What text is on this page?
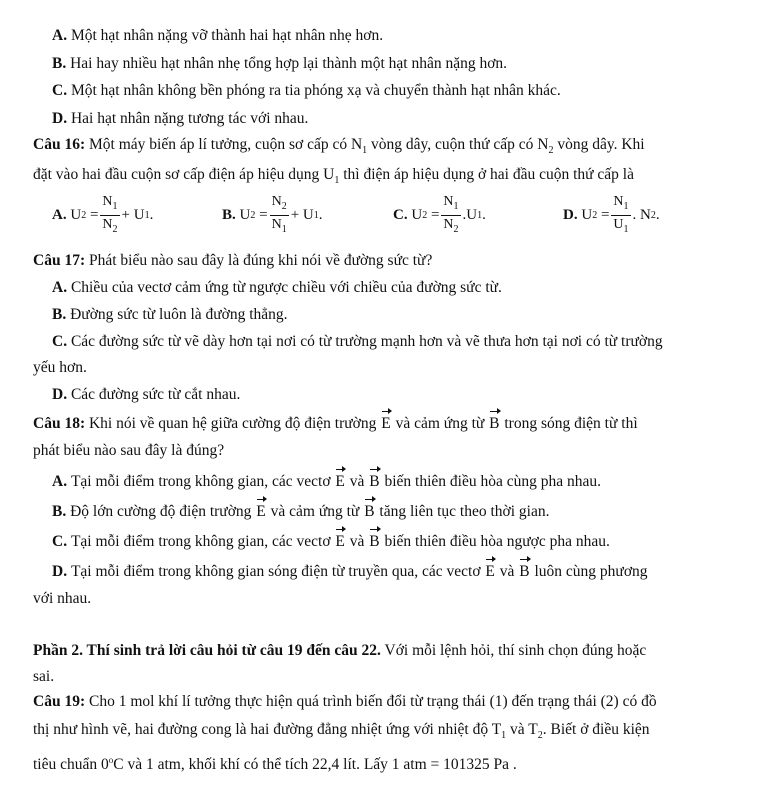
A. Một hạt nhân nặng vỡ thành hai hạt nhân nhẹ hơn.
B. Hai hay nhiều hạt nhân nhẹ tổng hợp lại thành một hạt nhân nặng hơn.
C. Một hạt nhân không bền phóng ra tia phóng xạ và chuyển thành hạt nhân khác.
D. Hai hạt nhân nặng tương tác với nhau.
Câu 16: Một máy biến áp lí tưởng, cuộn sơ cấp có $N_1$ vòng dây, cuộn thứ cấp có $N_2$ vòng dây. Khi
đặt vào hai đầu cuộn sơ cấp điện áp hiệu dụng $U_1$ thì điện áp hiệu dụng ở hai đầu cuộn thứ cấp là
A. U $2 = \frac{N_1}{N_2} + U$ 1 .	B. U $2 = \frac{N_2}{N_1} + U$ 1 .	C. U $2 = \frac{N_1}{N_2} .U$ 1 .	D. U $2 = \frac{N_1}{U_1}$ . N 2 .
Câu 17: Phát biểu nào sau đây là đúng khi nói về đường sức từ?
A. Chiều của vectơ cảm ứng từ ngược chiều với chiều của đường sức từ.
B. Đường sức từ luôn là đường thẳng.
C. Các đường sức từ vẽ dày hơn tại nơi có từ trường mạnh hơn và vẽ thưa hơn tại nơi có từ trường
yếu hơn.
D. Các đường sức từ cắt nhau.
Câu 18: Khi nói về quan hệ giữa cường độ điện trường E và cảm ứng từ B trong sóng điện từ thì
phát biểu nào sau đây là đúng?
A. Tại mỗi điểm trong không gian, các vectơ E và B biến thiên điều hòa cùng pha nhau.
B. Độ lớn cường độ điện trường E và cảm ứng từ B tăng liên tục theo thời gian.
C. Tại mỗi điểm trong không gian, các vectơ E và B biến thiên điều hòa ngược pha nhau.
D. Tại mỗi điểm trong không gian sóng điện từ truyền qua, các vectơ E và B luôn cùng phương
với nhau.
Phần 2. Thí sinh trả lời câu hỏi từ câu 19 đến câu 22. Với mỗi lệnh hỏi, thí sinh chọn đúng hoặc
sai.
Câu 19: Cho 1 mol khí lí tưởng thực hiện quá trình biến đổi từ trạng thái (1) đến trạng thái (2) có đồ
thị như hình vẽ, hai đường cong là hai đường đẳng nhiệt ứng với nhiệt độ $T_1$ và $T_2$. Biết ở điều kiện
tiêu chuẩn 0$^o$C và 1 atm, khối khí có thể tích 22,4 lít. Lấy 1 atm = 101325 Pa .
